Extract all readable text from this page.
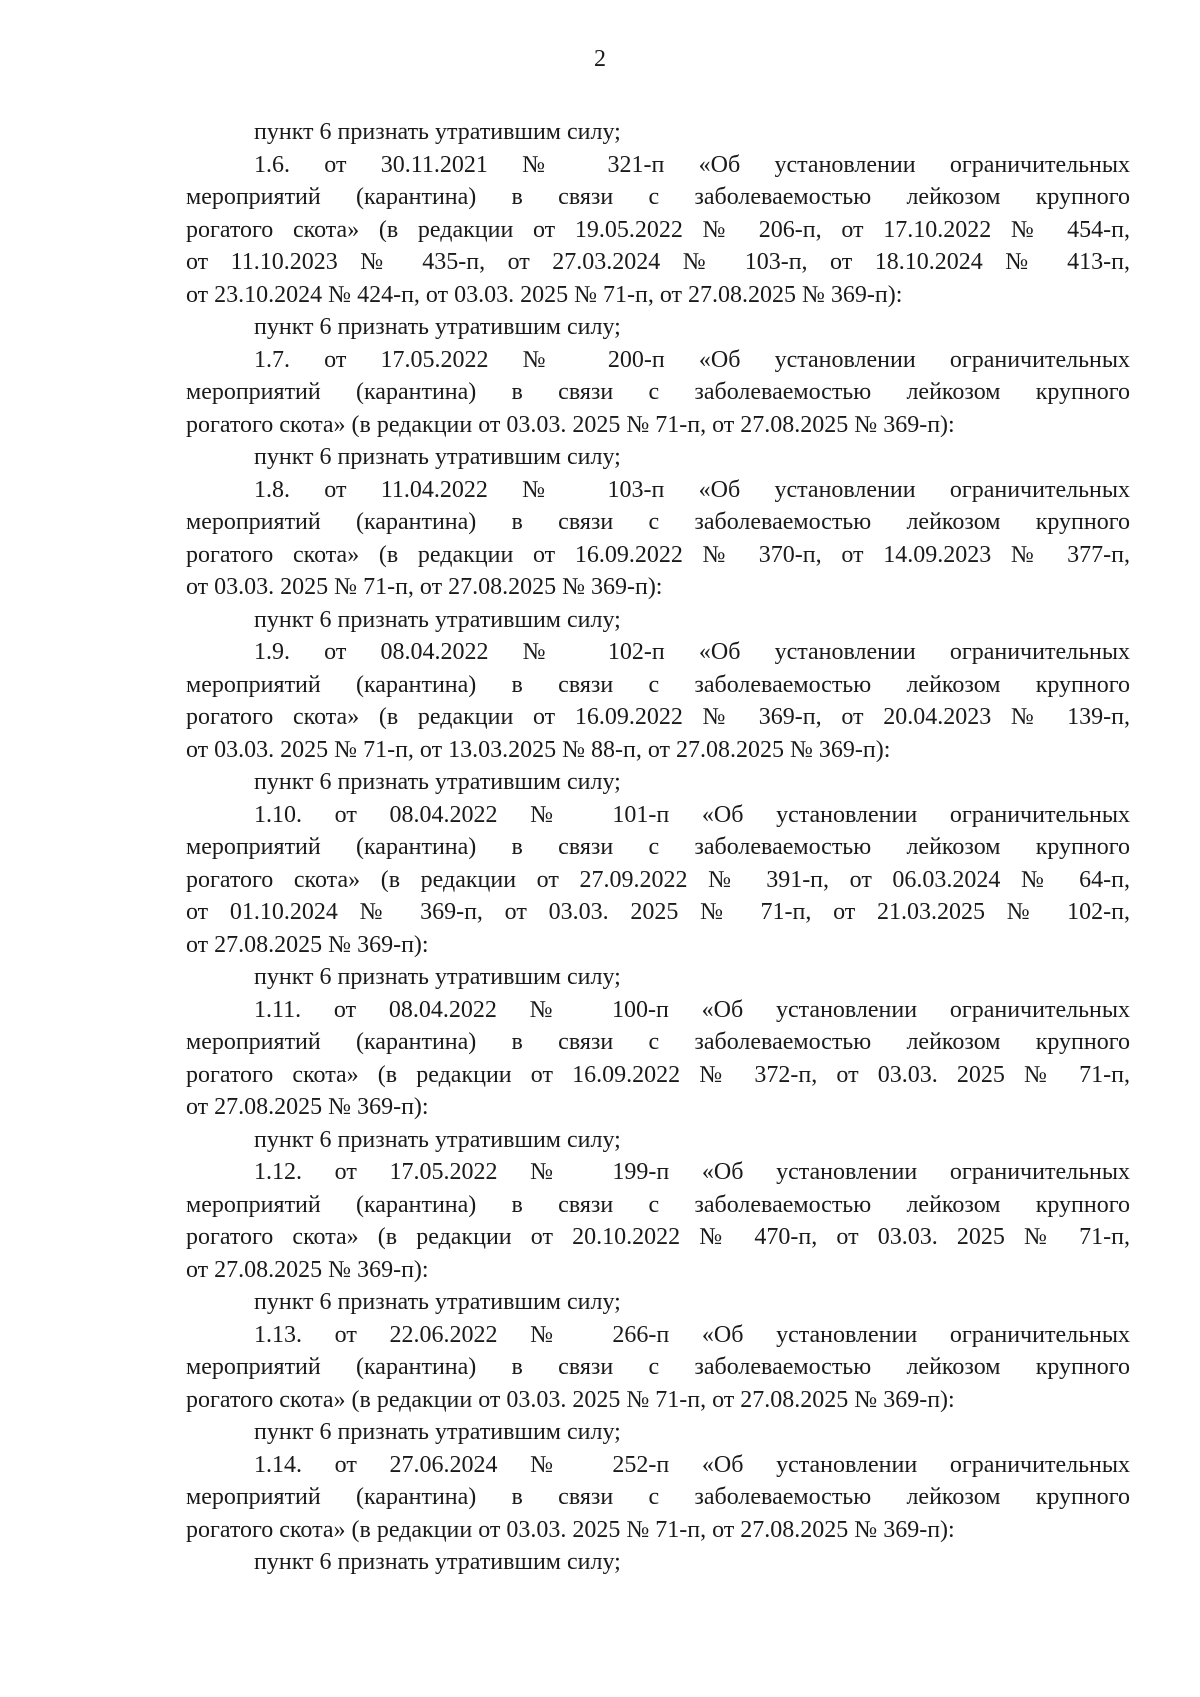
2
пункт 6 признать утратившим силу;
1.6. от 30.11.2021 № 321-п «Об установлении ограничительных
мероприятий (карантина) в связи с заболеваемостью лейкозом крупного
рогатого скота» (в редакции от 19.05.2022 № 206-п, от 17.10.2022 № 454-п,
от 11.10.2023 № 435-п, от 27.03.2024 № 103-п, от 18.10.2024 № 413-п,
от 23.10.2024 № 424-п, от 03.03. 2025 № 71-п, от 27.08.2025 № 369-п):
пункт 6 признать утратившим силу;
1.7. от 17.05.2022 № 200-п «Об установлении ограничительных
мероприятий (карантина) в связи с заболеваемостью лейкозом крупного
рогатого скота» (в редакции от 03.03. 2025 № 71-п, от 27.08.2025 № 369-п):
пункт 6 признать утратившим силу;
1.8. от 11.04.2022 № 103-п «Об установлении ограничительных
мероприятий (карантина) в связи с заболеваемостью лейкозом крупного
рогатого скота» (в редакции от 16.09.2022 № 370-п, от 14.09.2023 № 377-п,
от 03.03. 2025 № 71-п, от 27.08.2025 № 369-п):
пункт 6 признать утратившим силу;
1.9. от 08.04.2022 № 102-п «Об установлении ограничительных
мероприятий (карантина) в связи с заболеваемостью лейкозом крупного
рогатого скота» (в редакции от 16.09.2022 № 369-п, от 20.04.2023 № 139-п,
от 03.03. 2025 № 71-п, от 13.03.2025 № 88-п, от 27.08.2025 № 369-п):
пункт 6 признать утратившим силу;
1.10. от 08.04.2022 № 101-п «Об установлении ограничительных
мероприятий (карантина) в связи с заболеваемостью лейкозом крупного
рогатого скота» (в редакции от 27.09.2022 № 391-п, от 06.03.2024 № 64-п,
от 01.10.2024 № 369-п, от 03.03. 2025 № 71-п, от 21.03.2025 № 102-п,
от 27.08.2025 № 369-п):
пункт 6 признать утратившим силу;
1.11. от 08.04.2022 № 100-п «Об установлении ограничительных
мероприятий (карантина) в связи с заболеваемостью лейкозом крупного
рогатого скота» (в редакции от 16.09.2022 № 372-п, от 03.03. 2025 № 71-п,
от 27.08.2025 № 369-п):
пункт 6 признать утратившим силу;
1.12. от 17.05.2022 № 199-п «Об установлении ограничительных
мероприятий (карантина) в связи с заболеваемостью лейкозом крупного
рогатого скота» (в редакции от 20.10.2022 № 470-п, от 03.03. 2025 № 71-п,
от 27.08.2025 № 369-п):
пункт 6 признать утратившим силу;
1.13. от 22.06.2022 № 266-п «Об установлении ограничительных
мероприятий (карантина) в связи с заболеваемостью лейкозом крупного
рогатого скота» (в редакции от 03.03. 2025 № 71-п, от 27.08.2025 № 369-п):
пункт 6 признать утратившим силу;
1.14. от 27.06.2024 № 252-п «Об установлении ограничительных
мероприятий (карантина) в связи с заболеваемостью лейкозом крупного
рогатого скота» (в редакции от 03.03. 2025 № 71-п, от 27.08.2025 № 369-п):
пункт 6 признать утратившим силу;
